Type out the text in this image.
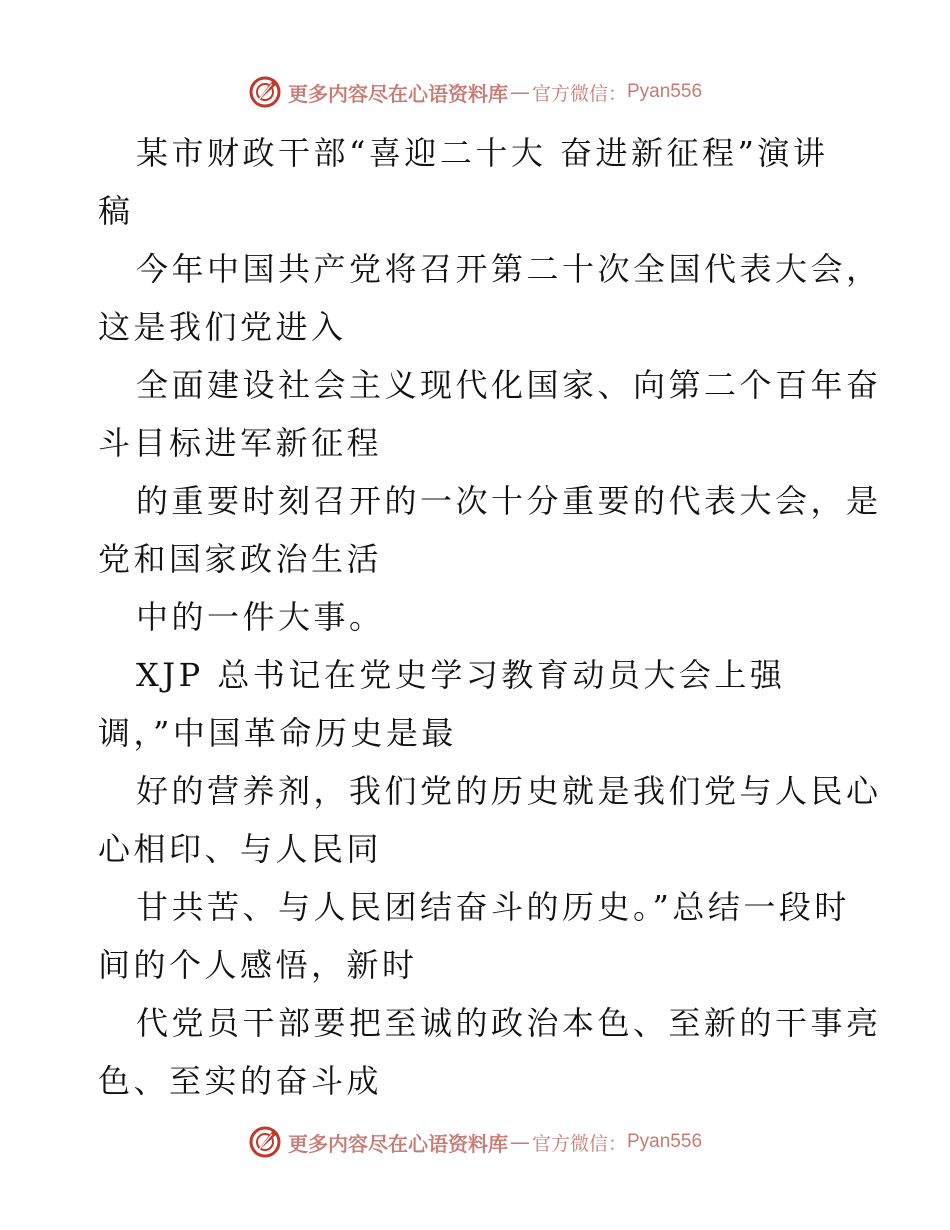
更多内容尽在心语资料库 — 官方微信： Pyan556

某市财政干部“喜迎二十大 奋进新征程”演讲
稿

今年中国共产党将召开第二十次全国代表大会，
这是我们党进入

全面建设社会主义现代化国家、向第二个百年奋
斗目标进军新征程

的重要时刻召开的一次十分重要的代表大会，是
党和国家政治生活

中的一件大事。

XJP 总书记在党史学习教育动员大会上强
调，”中国革命历史是最

好的营养剂，我们党的历史就是我们党与人民心
心相印、与人民同

甘共苦、与人民团结奋斗的历史。”总结一段时
间的个人感悟，新时

代党员干部要把至诚的政治本色、至新的干事亮
色、至实的奋斗成

更多内容尽在心语资料库 — 官方微信： Pyan556
